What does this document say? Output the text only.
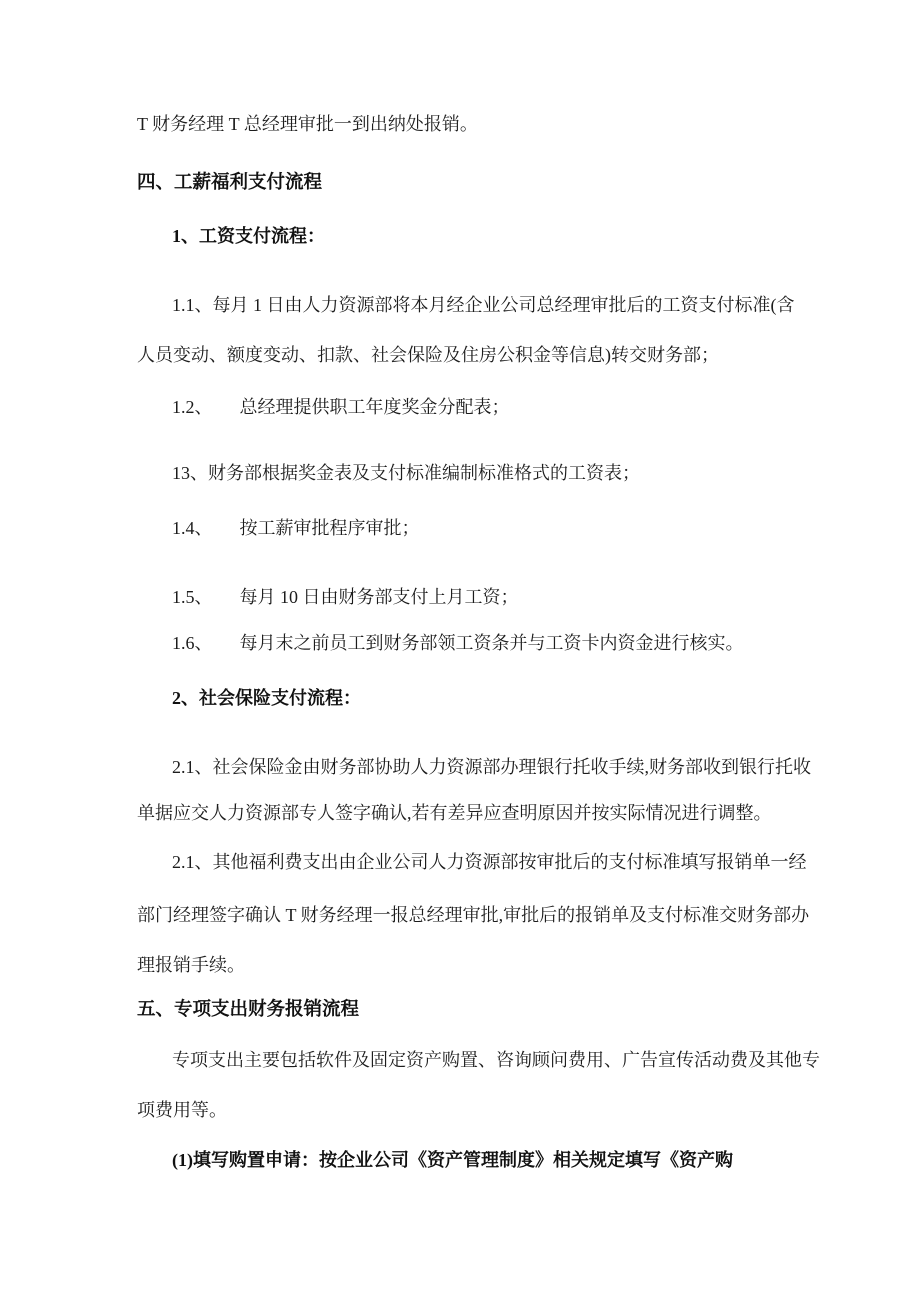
T 财务经理 T 总经理审批一到出纳处报销。
四、工薪福利支付流程
1、工资支付流程：
1.1、每月 1 日由人力资源部将本月经企业公司总经理审批后的工资支付标准(含
人员变动、额度变动、扣款、社会保险及住房公积金等信息)转交财务部；
1.2、　　总经理提供职工年度奖金分配表；
13、财务部根据奖金表及支付标准编制标准格式的工资表；
1.4、　　按工薪审批程序审批；
1.5、　　每月 10 日由财务部支付上月工资；
1.6、　　每月末之前员工到财务部领工资条并与工资卡内资金进行核实。
2、社会保险支付流程：
2.1、社会保险金由财务部协助人力资源部办理银行托收手续,财务部收到银行托收
单据应交人力资源部专人签字确认,若有差异应查明原因并按实际情况进行调整。
2.1、其他福利费支出由企业公司人力资源部按审批后的支付标准填写报销单一经
部门经理签字确认 T 财务经理一报总经理审批,审批后的报销单及支付标准交财务部办
理报销手续。
五、专项支出财务报销流程
专项支出主要包括软件及固定资产购置、咨询顾问费用、广告宣传活动费及其他专
项费用等。
(1)填写购置申请：按企业公司《资产管理制度》相关规定填写《资产购
